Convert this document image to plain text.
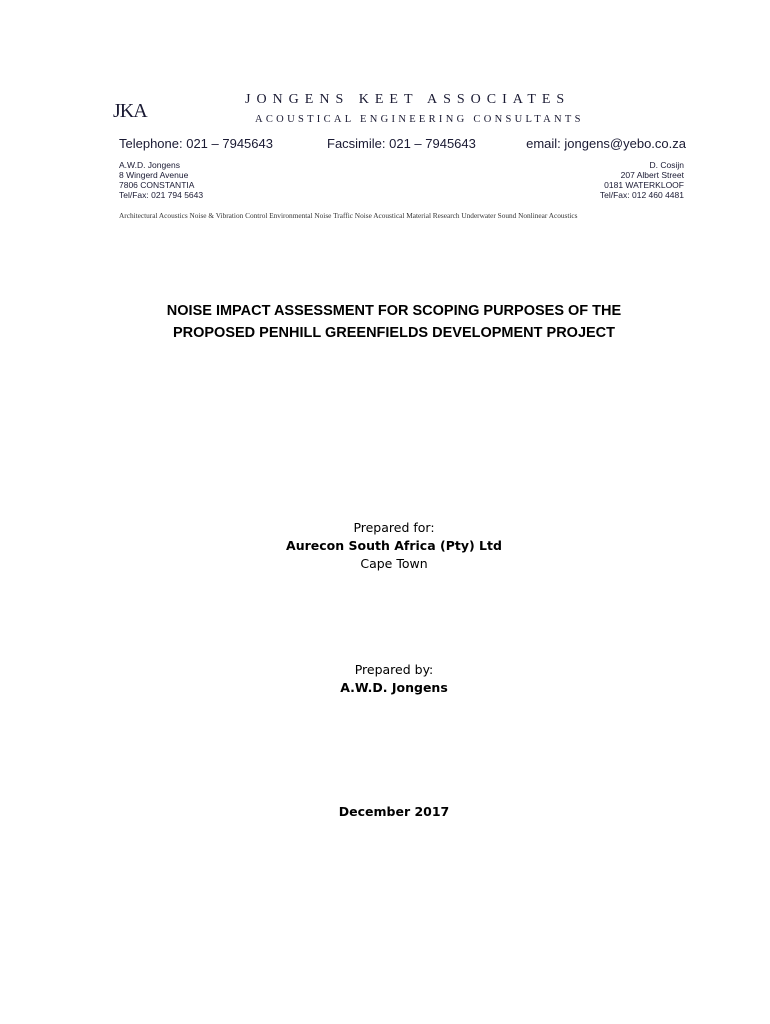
JKA
JONGENS KEET ASSOCIATES
ACOUSTICAL ENGINEERING CONSULTANTS
Telephone: 021 – 7945643	Facsimile: 021 – 7945643	email: jongens@yebo.co.za
A.W.D. Jongens
8 Wingerd Avenue
7806 CONSTANTIA
Tel/Fax: 021 794 5643
D. Cosijn
207 Albert Street
0181 WATERKLOOF
Tel/Fax: 012 460 4481
Architectural Acoustics Noise & Vibration Control Environmental Noise Traffic Noise Acoustical Material Research Underwater Sound Nonlinear Acoustics
NOISE IMPACT ASSESSMENT FOR SCOPING PURPOSES OF THE
PROPOSED PENHILL GREENFIELDS DEVELOPMENT PROJECT
Prepared for:
Aurecon South Africa (Pty) Ltd
Cape Town
Prepared by:
A.W.D. Jongens
December 2017
